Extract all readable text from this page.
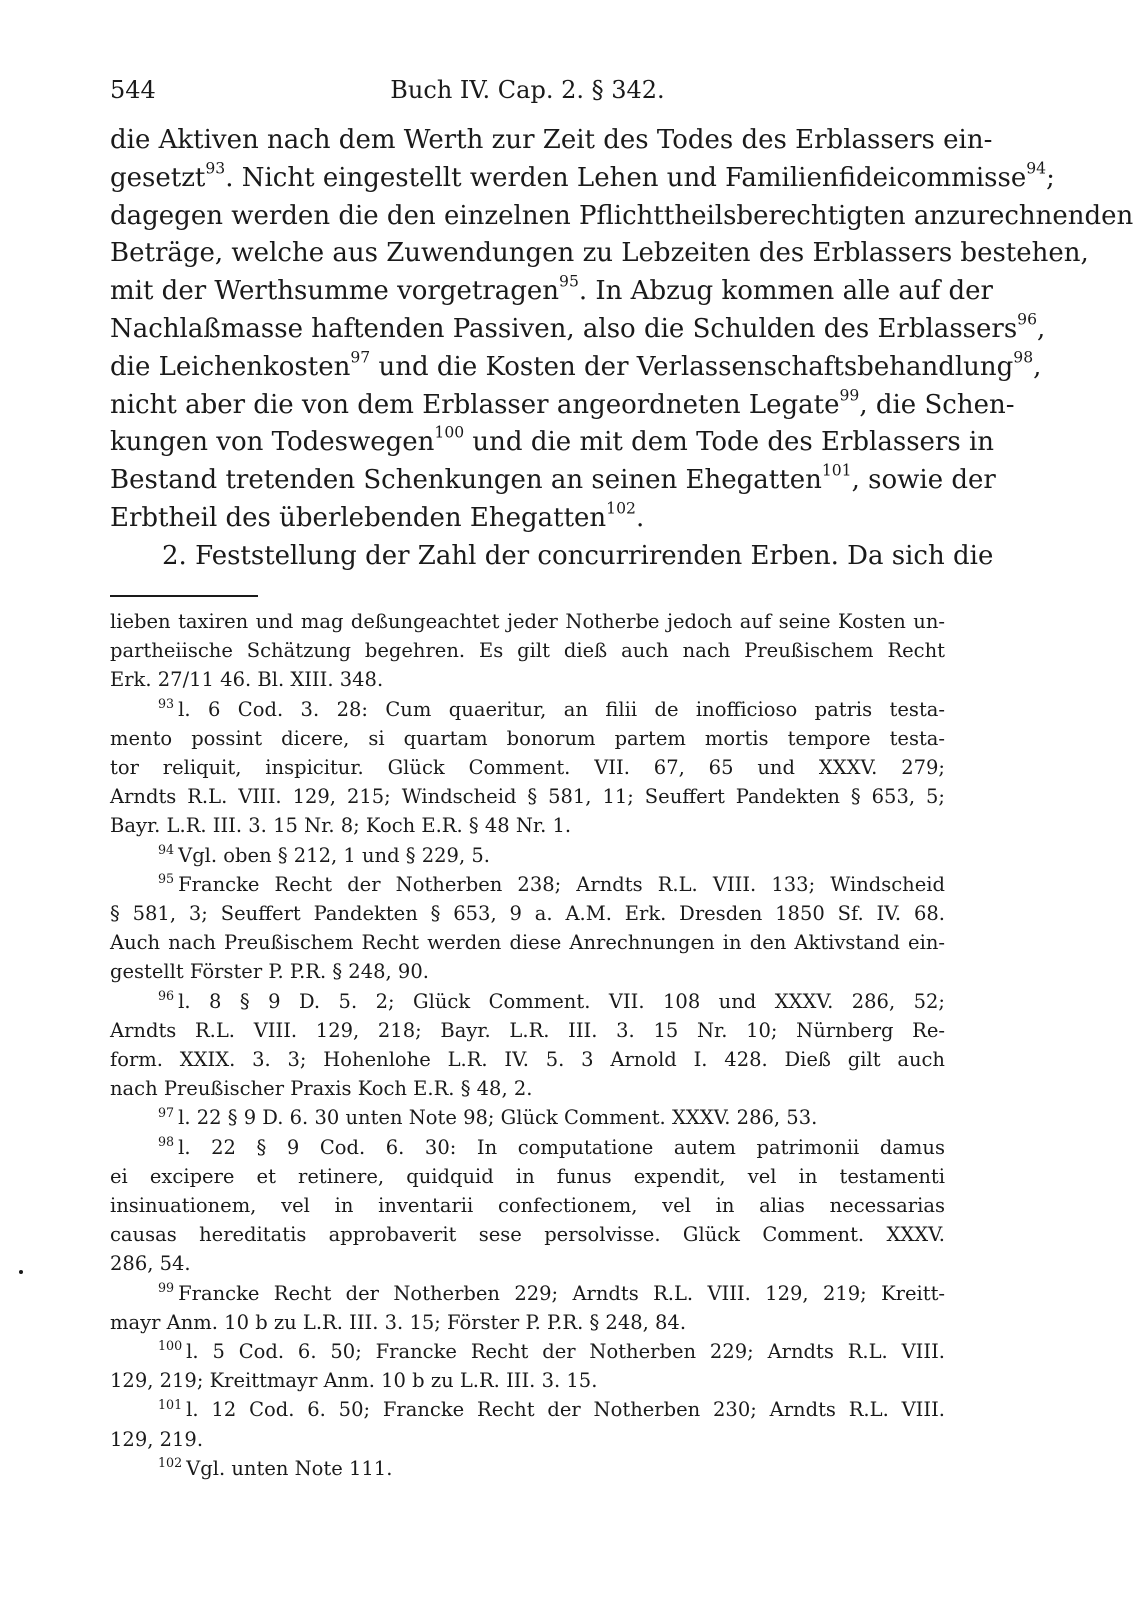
544	Buch IV. Cap. 2. § 342.
die Aktiven nach dem Werth zur Zeit des Todes des Erblassers ein-
gesetzt$^{93}$. Nicht eingestellt werden Lehen und Familienfideicommisse$^{94}$;
dagegen werden die den einzelnen Pflichttheilsberechtigten anzurechnenden
Beträge, welche aus Zuwendungen zu Lebzeiten des Erblassers bestehen,
mit der Werthsumme vorgetragen$^{95}$. In Abzug kommen alle auf der
Nachlaßmasse haftenden Passiven, also die Schulden des Erblassers$^{96}$,
die Leichenkosten$^{97}$ und die Kosten der Verlassenschaftsbehandlung$^{98}$,
nicht aber die von dem Erblasser angeordneten Legate$^{99}$, die Schen-
kungen von Todeswegen$^{100}$ und die mit dem Tode des Erblassers in
Bestand tretenden Schenkungen an seinen Ehegatten$^{101}$, sowie der
Erbtheil des überlebenden Ehegatten$^{102}$.
2. Feststellung der Zahl der concurrirenden Erben. Da sich die
lieben taxiren und mag deßungeachtet jeder Notherbe jedoch auf seine Kosten un-
partheiische Schätzung begehren. Es gilt dieß auch nach Preußischem Recht
Erk. 27/11 46. Bl. XIII. 348.
$^{93}$ l. 6 Cod. 3. 28: Cum quaeritur, an filii de inofficioso patris testa-
mento possint dicere, si quartam bonorum partem mortis tempore testa-
tor reliquit, inspicitur. Glück Comment. VII. 67, 65 und XXXV. 279;
Arndts R.L. VIII. 129, 215; Windscheid § 581, 11; Seuffert Pandekten § 653, 5;
Bayr. L.R. III. 3. 15 Nr. 8; Koch E.R. § 48 Nr. 1.
$^{94}$ Vgl. oben § 212, 1 und § 229, 5.
$^{95}$ Francke Recht der Notherben 238; Arndts R.L. VIII. 133; Windscheid
§ 581, 3; Seuffert Pandekten § 653, 9 a. A.M. Erk. Dresden 1850 Sf. IV. 68.
Auch nach Preußischem Recht werden diese Anrechnungen in den Aktivstand ein-
gestellt Förster P. P.R. § 248, 90.
$^{96}$ l. 8 § 9 D. 5. 2; Glück Comment. VII. 108 und XXXV. 286, 52;
Arndts R.L. VIII. 129, 218; Bayr. L.R. III. 3. 15 Nr. 10; Nürnberg Re-
form. XXIX. 3. 3; Hohenlohe L.R. IV. 5. 3 Arnold I. 428. Dieß gilt auch
nach Preußischer Praxis Koch E.R. § 48, 2.
$^{97}$ l. 22 § 9 D. 6. 30 unten Note 98; Glück Comment. XXXV. 286, 53.
$^{98}$ l. 22 § 9 Cod. 6. 30: In computatione autem patrimonii damus
ei excipere et retinere, quidquid in funus expendit, vel in testamenti
insinuationem, vel in inventarii confectionem, vel in alias necessarias
causas hereditatis approbaverit sese persolvisse. Glück Comment. XXXV.
286, 54.
$^{99}$ Francke Recht der Notherben 229; Arndts R.L. VIII. 129, 219; Kreitt-
mayr Anm. 10 b zu L.R. III. 3. 15; Förster P. P.R. § 248, 84.
$^{100}$ l. 5 Cod. 6. 50; Francke Recht der Notherben 229; Arndts R.L. VIII.
129, 219; Kreittmayr Anm. 10 b zu L.R. III. 3. 15.
$^{101}$ l. 12 Cod. 6. 50; Francke Recht der Notherben 230; Arndts R.L. VIII.
129, 219.
$^{102}$ Vgl. unten Note 111.
